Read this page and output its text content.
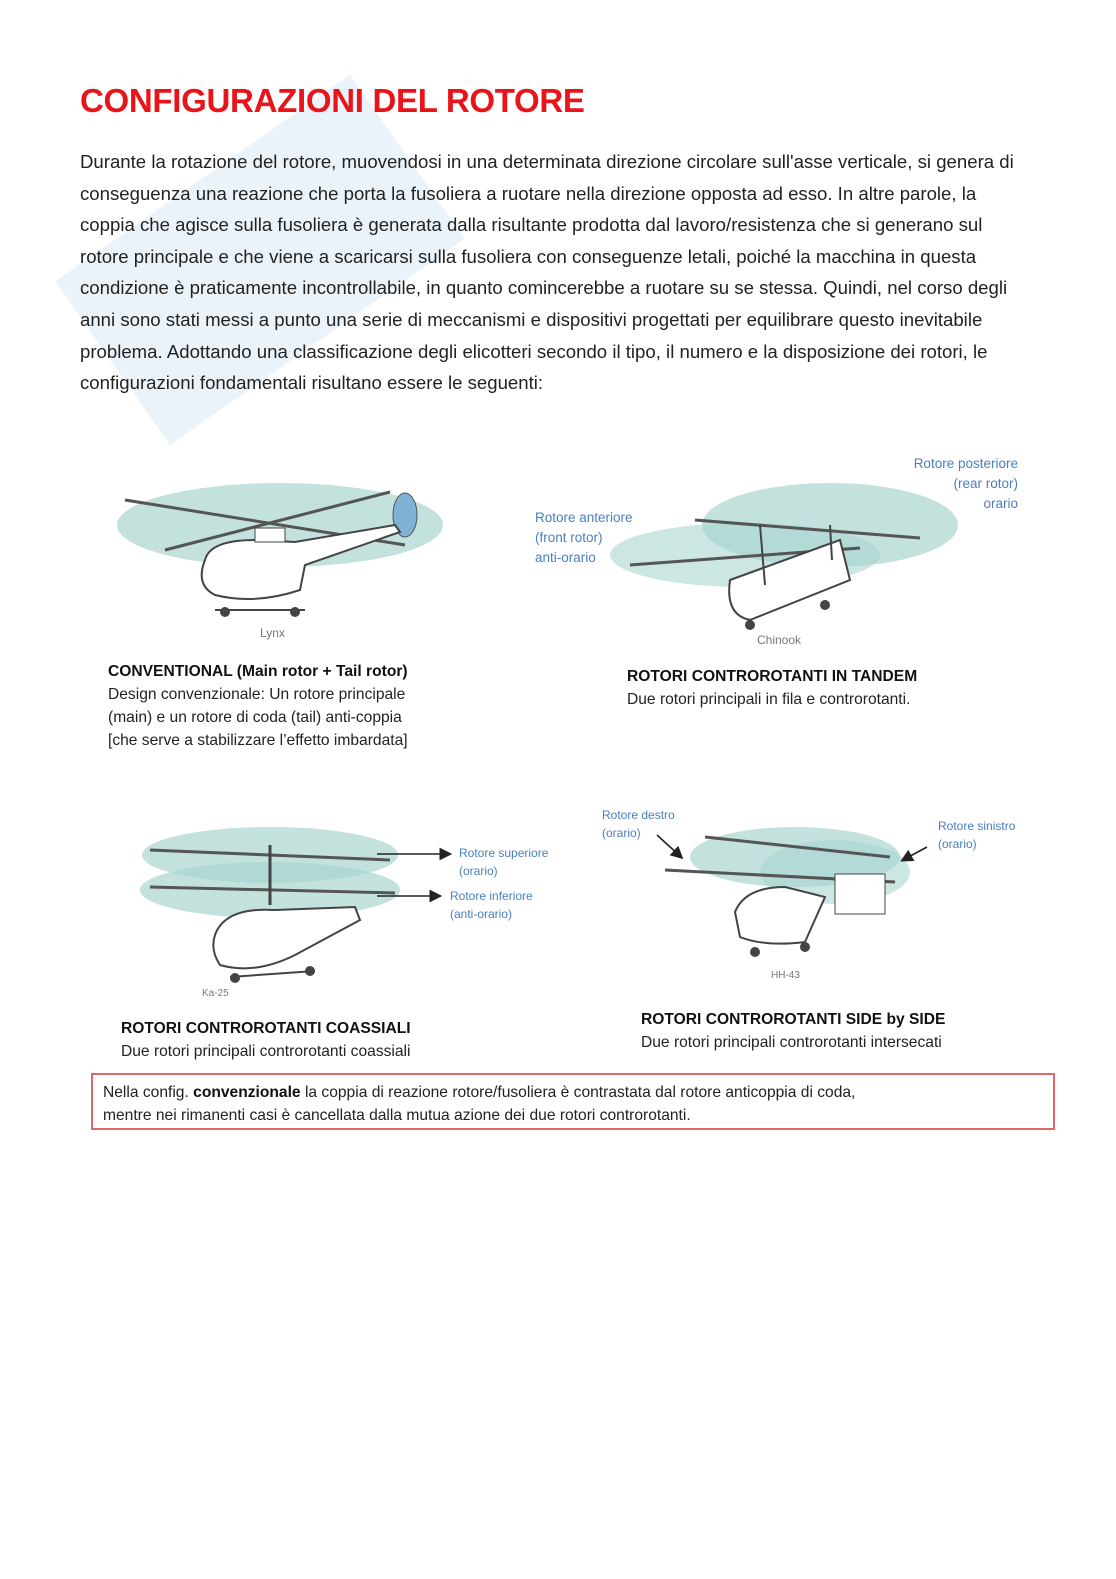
CONFIGURAZIONI DEL ROTORE

Durante la rotazione del rotore, muovendosi in una determinata direzione circolare sull'asse verticale, si genera di conseguenza una reazione che porta la fusoliera a ruotare nella direzione opposta ad esso. In altre parole, la coppia che agisce sulla fusoliera è generata dalla risultante prodotta dal lavoro/resistenza che si generano sul rotore principale e che viene a scaricarsi sulla fusoliera con conseguenze letali, poiché la macchina in questa condizione è praticamente incontrollabile, in quanto comincerebbe a ruotare su se stessa. Quindi, nel corso degli anni sono stati messi a punto una serie di meccanismi e dispositivi progettati per equilibrare questo inevitabile problema. Adottando una classificazione degli elicotteri secondo il tipo, il numero e la disposizione dei rotori, le configurazioni fondamentali risultano essere le seguenti:

Lynx
CONVENTIONAL (Main rotor + Tail rotor)
Design convenzionale: Un rotore principale
(main) e un rotore di coda (tail) anti-coppia
[che serve a stabilizzare l’effetto imbardata]
Chinook
Rotore anteriore
(front rotor)
anti-orario
Rotore posteriore
(rear rotor)
orario
ROTORI CONTROROTANTI IN TANDEM
Due rotori principali in fila e controrotanti.
Ka-25
Rotore superiore
(orario)
Rotore inferiore
(anti-orario)
ROTORI CONTROROTANTI COASSIALI
Due rotori principali controrotanti coassiali
HH-43
Rotore destro
(orario)	Rotore sinistro
(orario)
ROTORI CONTROROTANTI SIDE by SIDE
Due rotori principali controrotanti intersecati
Nella config. convenzionale la coppia di reazione rotore/fusoliera è contrastata dal rotore anticoppia di coda,
mentre nei rimanenti casi è cancellata dalla mutua azione dei due rotori controrotanti.
